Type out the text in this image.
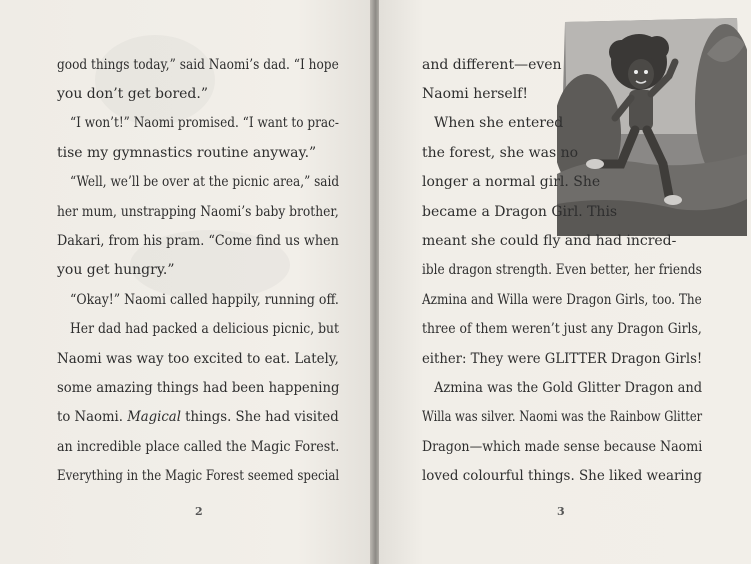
good things today,” said Naomi’s dad. “I hope
you don’t get bored.”
“I won’t!” Naomi promised. “I want to prac-
tise my gymnastics routine anyway.”
“Well, we’ll be over at the picnic area,” said
her mum, unstrapping Naomi’s baby brother,
Dakari, from his pram. “Come find us when
you get hungry.”
“Okay!” Naomi called happily, running off.
Her dad had packed a delicious picnic, but
Naomi was way too excited to eat. Lately,
some amazing things had been happening
to Naomi. Magical things. She had visited
an incredible place called the Magic Forest.
Everything in the Magic Forest seemed special
2
and different—even
Naomi herself!
When she entered
the forest, she was no
longer a normal girl. She
became a Dragon Girl. This
meant she could fly and had incred-
ible dragon strength. Even better, her friends
Azmina and Willa were Dragon Girls, too. The
three of them weren’t just any Dragon Girls,
either: They were GLITTER Dragon Girls!
Azmina was the Gold Glitter Dragon and
Willa was silver. Naomi was the Rainbow Glitter
Dragon—which made sense because Naomi
loved colourful things. She liked wearing
3
